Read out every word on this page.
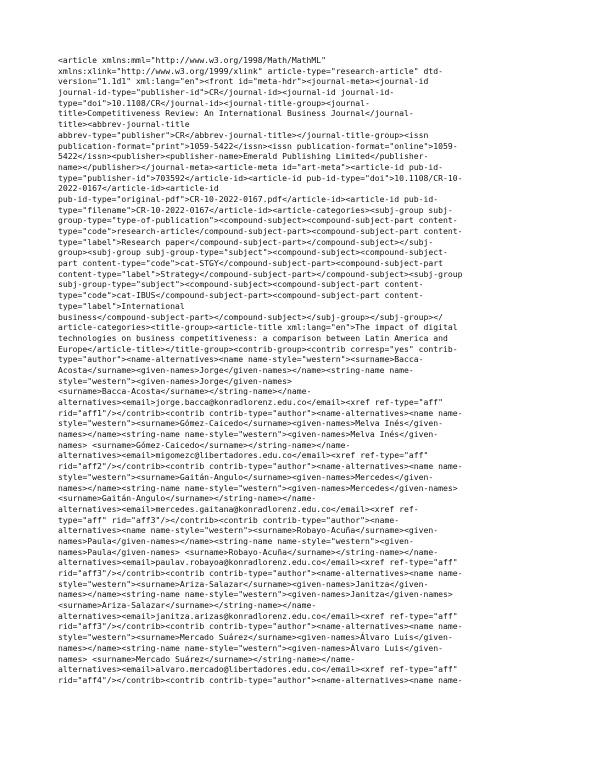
<article xmlns:mml="http://www.w3.org/1998/Math/MathML"
xmlns:xlink="http://www.w3.org/1999/xlink" article-type="research-article" dtd-
version="1.1d1" xml:lang="en"><front id="meta-hdr"><journal-meta><journal-id
journal-id-type="publisher-id">CR</journal-id><journal-id journal-id-
type="doi">10.1108/CR</journal-id><journal-title-group><journal-
title>Competitiveness Review: An International Business Journal</journal-
title><abbrev-journal-title
abbrev-type="publisher">CR</abbrev-journal-title></journal-title-group><issn
publication-format="print">1059-5422</issn><issn publication-format="online">1059-
5422</issn><publisher><publisher-name>Emerald Publishing Limited</publisher-
name></publisher></journal-meta><article-meta id="art-meta"><article-id pub-id-
type="publisher-id">703592</article-id><article-id pub-id-type="doi">10.1108/CR-10-
2022-0167</article-id><article-id
pub-id-type="original-pdf">CR-10-2022-0167.pdf</article-id><article-id pub-id-
type="filename">CR-10-2022-0167</article-id><article-categories><subj-group subj-
group-type="type-of-publication"><compound-subject><compound-subject-part content-
type="code">research-article</compound-subject-part><compound-subject-part content-
type="label">Research paper</compound-subject-part></compound-subject></subj-
group><subj-group subj-group-type="subject"><compound-subject><compound-subject-
part content-type="code">cat-STGY</compound-subject-part><compound-subject-part
content-type="label">Strategy</compound-subject-part></compound-subject><subj-group
subj-group-type="subject"><compound-subject><compound-subject-part content-
type="code">cat-IBUS</compound-subject-part><compound-subject-part content-
type="label">International
business</compound-subject-part></compound-subject></subj-group></subj-group></
article-categories><title-group><article-title xml:lang="en">The impact of digital
technologies on business competitiveness: a comparison between Latin America and
Europe</article-title></title-group><contrib-group><contrib corresp="yes" contrib-
type="author"><name-alternatives><name name-style="western"><surname>Bacca-
Acosta</surname><given-names>Jorge</given-names></name><string-name name-
style="western"><given-names>Jorge</given-names>
<surname>Bacca-Acosta</surname></string-name></name-
alternatives><email>jorge.bacca@konradlorenz.edu.co</email><xref ref-type="aff"
rid="aff1"/></contrib><contrib contrib-type="author"><name-alternatives><name name-
style="western"><surname>Gómez-Caicedo</surname><given-names>Melva Inés</given-
names></name><string-name name-style="western"><given-names>Melva Inés</given-
names> <surname>Gómez-Caicedo</surname></string-name></name-
alternatives><email>migomezc@libertadores.edu.co</email><xref ref-type="aff"
rid="aff2"/></contrib><contrib contrib-type="author"><name-alternatives><name name-
style="western"><surname>Gaitán-Angulo</surname><given-names>Mercedes</given-
names></name><string-name name-style="western"><given-names>Mercedes</given-names>
<surname>Gaitán-Angulo</surname></string-name></name-
alternatives><email>mercedes.gaitana@konradlorenz.edu.co</email><xref ref-
type="aff" rid="aff3"/></contrib><contrib contrib-type="author"><name-
alternatives><name name-style="western"><surname>Robayo-Acuña</surname><given-
names>Paula</given-names></name><string-name name-style="western"><given-
names>Paula</given-names> <surname>Robayo-Acuña</surname></string-name></name-
alternatives><email>paulav.robayoa@konradlorenz.edu.co</email><xref ref-type="aff"
rid="aff3"/></contrib><contrib contrib-type="author"><name-alternatives><name name-
style="western"><surname>Ariza-Salazar</surname><given-names>Janitza</given-
names></name><string-name name-style="western"><given-names>Janitza</given-names>
<surname>Ariza-Salazar</surname></string-name></name-
alternatives><email>janitza.arizas@konradlorenz.edu.co</email><xref ref-type="aff"
rid="aff3"/></contrib><contrib contrib-type="author"><name-alternatives><name name-
style="western"><surname>Mercado Suárez</surname><given-names>Álvaro Luis</given-
names></name><string-name name-style="western"><given-names>Álvaro Luis</given-
names> <surname>Mercado Suárez</surname></string-name></name-
alternatives><email>alvaro.mercado@libertadores.edu.co</email><xref ref-type="aff"
rid="aff4"/></contrib><contrib contrib-type="author"><name-alternatives><name name-
